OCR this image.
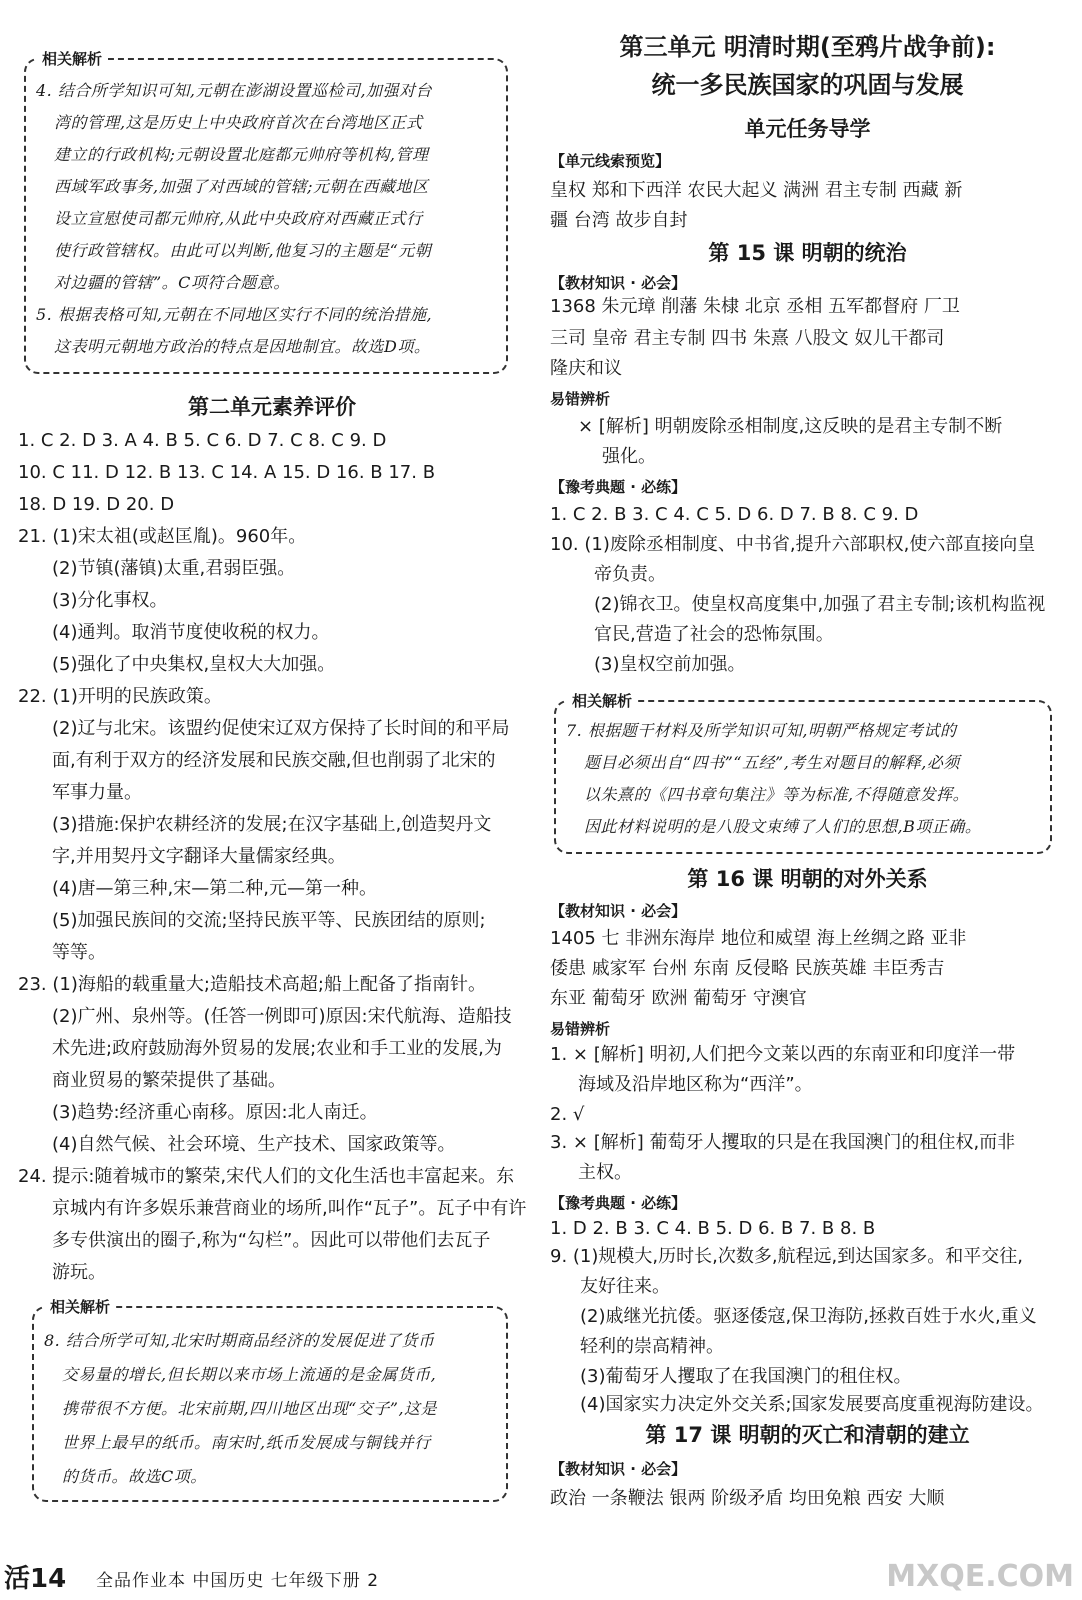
相关解析
4. 结合所学知识可知,元朝在澎湖设置巡检司,加强对台
湾的管理,这是历史上中央政府首次在台湾地区正式
建立的行政机构;元朝设置北庭都元帅府等机构,管理
西域军政事务,加强了对西域的管辖;元朝在西藏地区
设立宣慰使司都元帅府,从此中央政府对西藏正式行
使行政管辖权。由此可以判断,他复习的主题是“元朝
对边疆的管辖”。C项符合题意。
5. 根据表格可知,元朝在不同地区实行不同的统治措施,
这表明元朝地方政治的特点是因地制宜。故选D项。
第二单元素养评价
1. C 2. D 3. A 4. B 5. C 6. D 7. C 8. C 9. D
10. C 11. D 12. B 13. C 14. A 15. D 16. B 17. B
18. D 19. D 20. D
21. (1)宋太祖(或赵匡胤)。960年。
(2)节镇(藩镇)太重,君弱臣强。
(3)分化事权。
(4)通判。取消节度使收税的权力。
(5)强化了中央集权,皇权大大加强。
22. (1)开明的民族政策。
(2)辽与北宋。该盟约促使宋辽双方保持了长时间的和平局
面,有利于双方的经济发展和民族交融,但也削弱了北宋的
军事力量。
(3)措施:保护农耕经济的发展;在汉字基础上,创造契丹文
字,并用契丹文字翻译大量儒家经典。
(4)唐—第三种,宋—第二种,元—第一种。
(5)加强民族间的交流;坚持民族平等、民族团结的原则;
等等。
23. (1)海船的载重量大;造船技术高超;船上配备了指南针。
(2)广州、泉州等。(任答一例即可)原因:宋代航海、造船技
术先进;政府鼓励海外贸易的发展;农业和手工业的发展,为
商业贸易的繁荣提供了基础。
(3)趋势:经济重心南移。原因:北人南迁。
(4)自然气候、社会环境、生产技术、国家政策等。
24. 提示:随着城市的繁荣,宋代人们的文化生活也丰富起来。东
京城内有许多娱乐兼营商业的场所,叫作“瓦子”。瓦子中有许
多专供演出的圈子,称为“勾栏”。因此可以带他们去瓦子
游玩。
相关解析
8. 结合所学可知,北宋时期商品经济的发展促进了货币
交易量的增长,但长期以来市场上流通的是金属货币,
携带很不方便。北宋前期,四川地区出现“交子”,这是
世界上最早的纸币。南宋时,纸币发展成与铜钱并行
的货币。故选C项。
第三单元 明清时期(至鸦片战争前):
统一多民族国家的巩固与发展
单元任务导学
【单元线索预览】
皇权 郑和下西洋 农民大起义 满洲 君主专制 西藏 新
疆 台湾 故步自封
第 15 课 明朝的统治
【教材知识 · 必会】
1368 朱元璋 削藩 朱棣 北京 丞相 五军都督府 厂卫
三司 皇帝 君主专制 四书 朱熹 八股文 奴儿干都司
隆庆和议
易错辨析
× [解析] 明朝废除丞相制度,这反映的是君主专制不断
强化。
【豫考典题 · 必练】
1. C 2. B 3. C 4. C 5. D 6. D 7. B 8. C 9. D
10. (1)废除丞相制度、中书省,提升六部职权,使六部直接向皇
帝负责。
(2)锦衣卫。使皇权高度集中,加强了君主专制;该机构监视
官民,营造了社会的恐怖氛围。
(3)皇权空前加强。
相关解析
7. 根据题干材料及所学知识可知,明朝严格规定考试的
题目必须出自“四书”“五经”,考生对题目的解释,必须
以朱熹的《四书章句集注》等为标准,不得随意发挥。
因此材料说明的是八股文束缚了人们的思想,B项正确。
第 16 课 明朝的对外关系
【教材知识 · 必会】
1405 七 非洲东海岸 地位和威望 海上丝绸之路 亚非
倭患 戚家军 台州 东南 反侵略 民族英雄 丰臣秀吉
东亚 葡萄牙 欧洲 葡萄牙 守澳官
易错辨析
1. × [解析] 明初,人们把今文莱以西的东南亚和印度洋一带
海域及沿岸地区称为“西洋”。
2. √
3. × [解析] 葡萄牙人攫取的只是在我国澳门的租住权,而非
主权。
【豫考典题 · 必练】
1. D 2. B 3. C 4. B 5. D 6. B 7. B 8. B
9. (1)规模大,历时长,次数多,航程远,到达国家多。和平交往,
友好往来。
(2)戚继光抗倭。驱逐倭寇,保卫海防,拯救百姓于水火,重义
轻利的崇高精神。
(3)葡萄牙人攫取了在我国澳门的租住权。
(4)国家实力决定外交关系;国家发展要高度重视海防建设。
第 17 课 明朝的灭亡和清朝的建立
【教材知识 · 必会】
政治 一条鞭法 银两 阶级矛盾 均田免粮 西安 大顺
活14 全品作业本 中国历史 七年级下册 2	MXQE.COM
